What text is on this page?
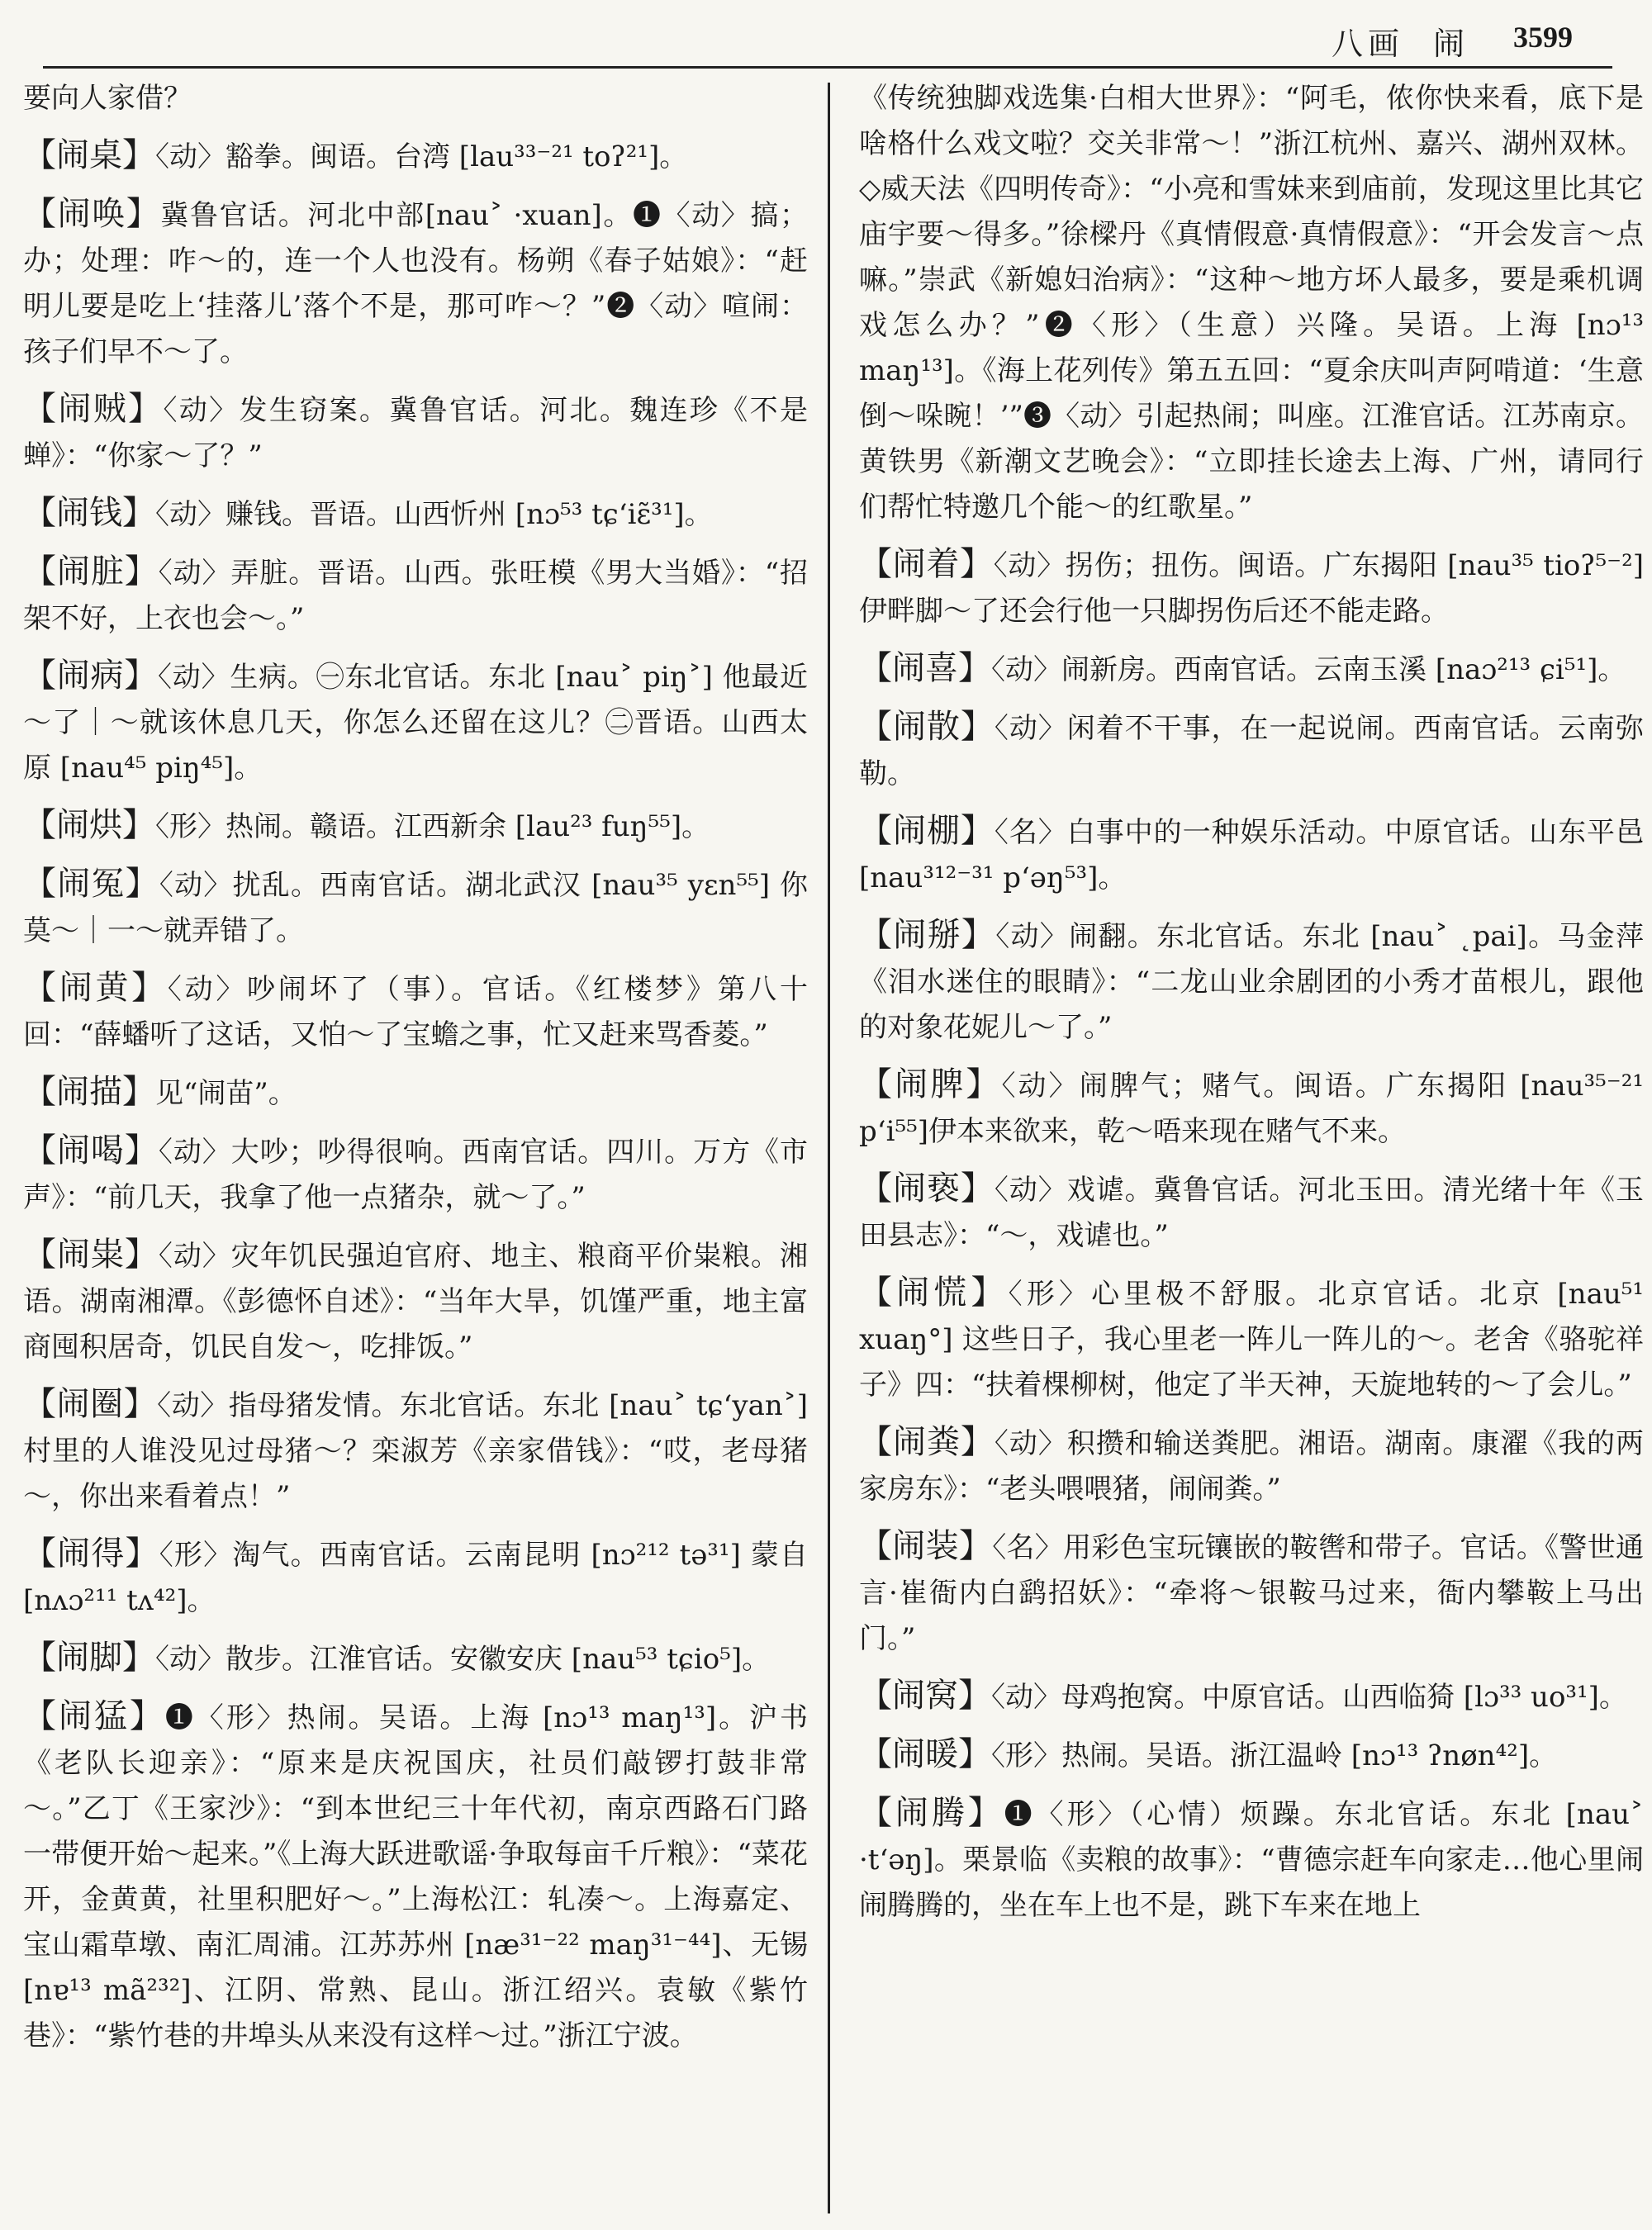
八画 闹 3599
要向人家借？
【闹桌】〈动〉豁拳。闽语。台湾 [lau³³⁻²¹ toʔ²¹]。
【闹唤】冀鲁官话。河北中部[nau˃ ·xuan]。❶〈动〉搞；办；处理：咋～的，连一个人也没有。杨朔《春子姑娘》：“赶明儿要是吃上‘挂落儿’落个不是，那可咋～？”❷〈动〉喧闹：孩子们早不～了。
【闹贼】〈动〉发生窃案。冀鲁官话。河北。魏连珍《不是蝉》：“你家～了？”
【闹钱】〈动〉赚钱。晋语。山西忻州 [nɔ⁵³ tɕʻiɛ̃³¹]。
【闹脏】〈动〉弄脏。晋语。山西。张旺模《男大当婚》：“招架不好，上衣也会～。”
【闹病】〈动〉生病。㊀东北官话。东北 [nau˃ piŋ˃] 他最近～了｜～就该休息几天，你怎么还留在这儿？㊁晋语。山西太原 [nau⁴⁵ piŋ⁴⁵]。
【闹烘】〈形〉热闹。赣语。江西新余 [lau²³ fuŋ⁵⁵]。
【闹冤】〈动〉扰乱。西南官话。湖北武汉 [nau³⁵ yɛn⁵⁵] 你莫～｜一～就弄错了。
【闹黄】〈动〉吵闹坏了（事）。官话。《红楼梦》第八十回：“薛蟠听了这话，又怕～了宝蟾之事，忙又赶来骂香菱。”
【闹描】见“闹苗”。
【闹喝】〈动〉大吵；吵得很响。西南官话。四川。万方《市声》：“前几天，我拿了他一点猪杂，就～了。”
【闹粜】〈动〉灾年饥民强迫官府、地主、粮商平价粜粮。湘语。湖南湘潭。《彭德怀自述》：“当年大旱，饥馑严重，地主富商囤积居奇，饥民自发～，吃排饭。”
【闹圈】〈动〉指母猪发情。东北官话。东北 [nau˃ tɕʻyan˃]村里的人谁没见过母猪～？栾淑芳《亲家借钱》：“哎，老母猪～，你出来看着点！”
【闹得】〈形〉淘气。西南官话。云南昆明 [nɔ²¹² tə³¹] 蒙自 [nʌɔ²¹¹ tʌ⁴²]。
【闹脚】〈动〉散步。江淮官话。安徽安庆 [nau⁵³ tɕio⁵]。
【闹猛】❶〈形〉热闹。吴语。上海 [nɔ¹³ maŋ¹³]。沪书《老队长迎亲》：“原来是庆祝国庆，社员们敲锣打鼓非常～。”乙丁《王家沙》：“到本世纪三十年代初，南京西路石门路一带便开始～起来。”《上海大跃进歌谣·争取每亩千斤粮》：“菜花开，金黄黄，社里积肥好～。”上海松江：轧凑～。上海嘉定、宝山霜草墩、南汇周浦。江苏苏州 [næ³¹⁻²² maŋ³¹⁻⁴⁴]、无锡 [nɐ¹³ mã²³²]、江阴、常熟、昆山。浙江绍兴。袁敏《紫竹巷》：“紫竹巷的井埠头从来没有这样～过。”浙江宁波。
《传统独脚戏选集·白相大世界》：“阿毛，侬你快来看，底下是啥格什么戏文啦？交关非常～！”浙江杭州、嘉兴、湖州双林。◇威天法《四明传奇》：“小亮和雪妹来到庙前，发现这里比其它庙宇要～得多。”徐樑丹《真情假意·真情假意》：“开会发言～点嘛。”崇武《新媳妇治病》：“这种～地方坏人最多，要是乘机调戏怎么办？”❷〈形〉（生意）兴隆。吴语。上海 [nɔ¹³ maŋ¹³]。《海上花列传》第五五回：“夏余庆叫声阿啃道：‘生意倒～哚晼！’”❸〈动〉引起热闹；叫座。江淮官话。江苏南京。黄铁男《新潮文艺晚会》：“立即挂长途去上海、广州，请同行们帮忙特邀几个能～的红歌星。”
【闹着】〈动〉拐伤；扭伤。闽语。广东揭阳 [nau³⁵ tioʔ⁵⁻²] 伊畔脚～了还会行他一只脚拐伤后还不能走路。
【闹喜】〈动〉闹新房。西南官话。云南玉溪 [naɔ²¹³ ɕi⁵¹]。
【闹散】〈动〉闲着不干事，在一起说闹。西南官话。云南弥勒。
【闹棚】〈名〉白事中的一种娱乐活动。中原官话。山东平邑 [nau³¹²⁻³¹ pʻəŋ⁵³]。
【闹掰】〈动〉闹翻。东北官话。东北 [nau˃ ˛pai]。马金萍《泪水迷住的眼睛》：“二龙山业余剧团的小秀才苗根儿，跟他的对象花妮儿～了。”
【闹脾】〈动〉闹脾气；赌气。闽语。广东揭阳 [nau³⁵⁻²¹ pʻi⁵⁵]伊本来欲来，乾～唔来现在赌气不来。
【闹亵】〈动〉戏谑。冀鲁官话。河北玉田。清光绪十年《玉田县志》：“～，戏谑也。”
【闹慌】〈形〉心里极不舒服。北京官话。北京 [nau⁵¹ xuaŋ°] 这些日子，我心里老一阵儿一阵儿的～。老舍《骆驼祥子》四：“扶着棵柳树，他定了半天神，天旋地转的～了会儿。”
【闹粪】〈动〉积攒和输送粪肥。湘语。湖南。康濯《我的两家房东》：“老头喂喂猪，闹闹粪。”
【闹装】〈名〉用彩色宝玩镶嵌的鞍辔和带子。官话。《警世通言·崔衙内白鹞招妖》：“牵将～银鞍马过来，衙内攀鞍上马出门。”
【闹窝】〈动〉母鸡抱窝。中原官话。山西临猗 [lɔ³³ uo³¹]。
【闹暖】〈形〉热闹。吴语。浙江温岭 [nɔ¹³ ʔnøn⁴²]。
【闹腾】❶〈形〉（心情）烦躁。东北官话。东北 [nau˃ ·tʻəŋ]。栗景临《卖粮的故事》：“曹德宗赶车向家走…他心里闹闹腾腾的，坐在车上也不是，跳下车来在地上
